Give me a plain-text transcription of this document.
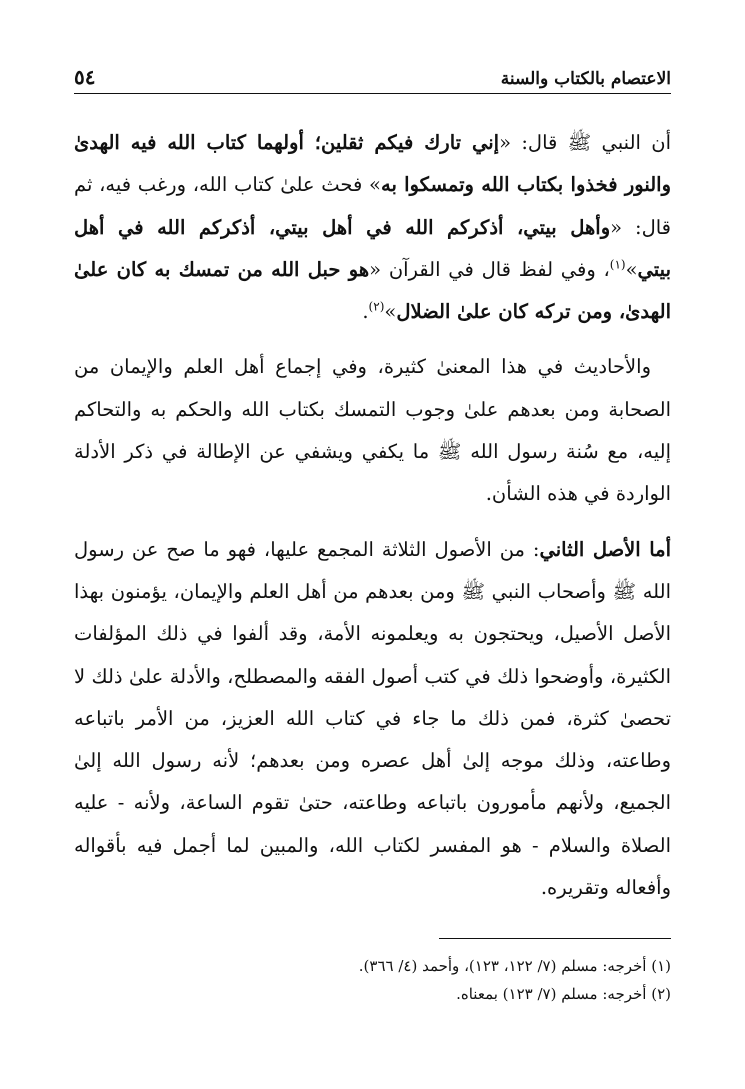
الاعتصام بالكتاب والسنة
٥٤

أن النبي ﷺ قال: «إني تارك فيكم ثقلين؛ أولهما كتاب الله فيه الهدىٰ والنور فخذوا بكتاب الله وتمسكوا به» فحث علىٰ كتاب الله، ورغب فيه، ثم قال: «وأهل بيتي، أذكركم الله في أهل بيتي، أذكركم الله في أهل بيتي»$^{(١)}$، وفي لفظ قال في القرآن «هو حبل الله من تمسك به كان علىٰ الهدىٰ، ومن تركه كان علىٰ الضلال»$^{(٢)}$.

والأحاديث في هذا المعنىٰ كثيرة، وفي إجماع أهل العلم والإيمان من الصحابة ومن بعدهم علىٰ وجوب التمسك بكتاب الله والحكم به والتحاكم إليه، مع سُنة رسول الله ﷺ ما يكفي ويشفي عن الإطالة في ذكر الأدلة الواردة في هذه الشأن.

أما الأصل الثاني: من الأصول الثلاثة المجمع عليها، فهو ما صح عن رسول الله ﷺ وأصحاب النبي ﷺ ومن بعدهم من أهل العلم والإيمان، يؤمنون بهذا الأصل الأصيل، ويحتجون به ويعلمونه الأمة، وقد ألفوا في ذلك المؤلفات الكثيرة، وأوضحوا ذلك في كتب أصول الفقه والمصطلح، والأدلة علىٰ ذلك لا تحصىٰ كثرة، فمن ذلك ما جاء في كتاب الله العزيز، من الأمر باتباعه وطاعته، وذلك موجه إلىٰ أهل عصره ومن بعدهم؛ لأنه رسول الله إلىٰ الجميع، ولأنهم مأمورون باتباعه وطاعته، حتىٰ تقوم الساعة، ولأنه - عليه الصلاة والسلام - هو المفسر لكتاب الله، والمبين لما أجمل فيه بأقواله وأفعاله وتقريره.

(١) أخرجه: مسلم (٧/ ١٢٢، ١٢٣)، وأحمد (٤/ ٣٦٦).
(٢) أخرجه: مسلم (٧/ ١٢٣) بمعناه.
